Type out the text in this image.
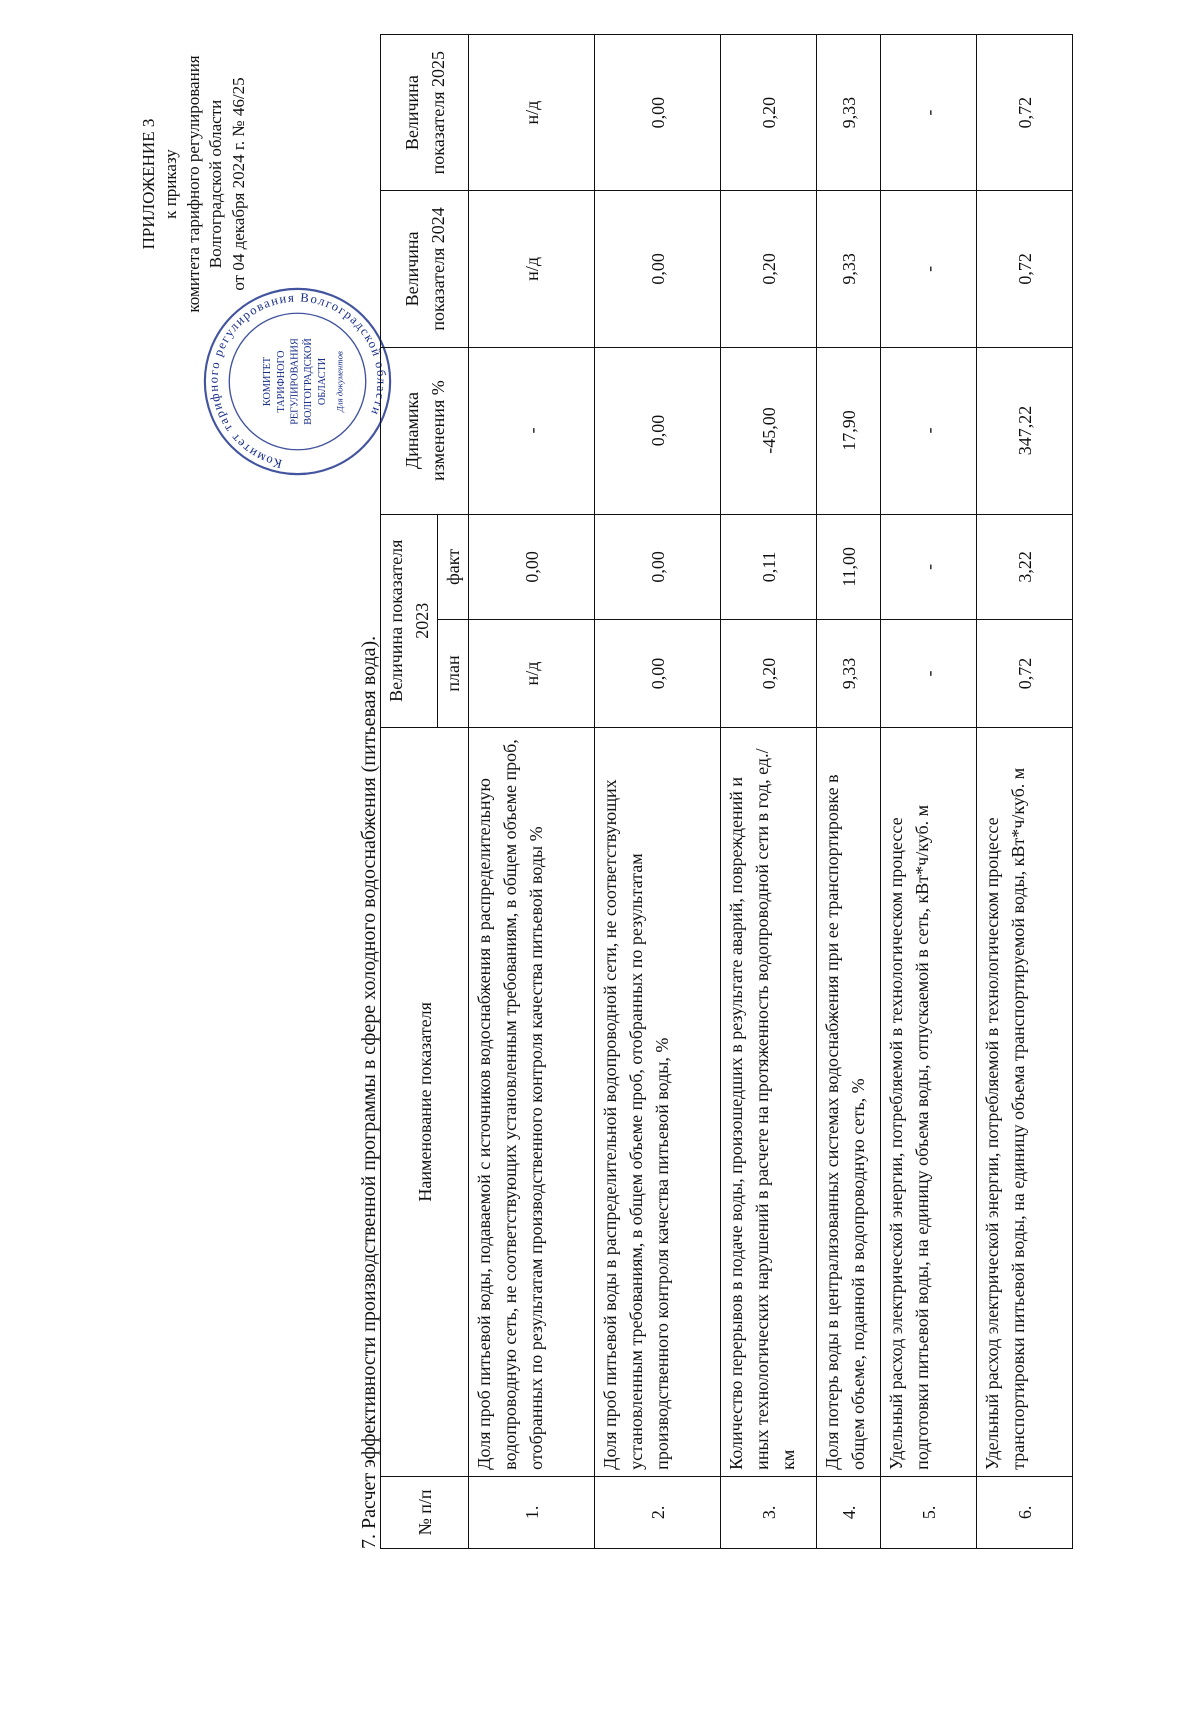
ПРИЛОЖЕНИЕ 3 к приказу комитета тарифного регулирования Волгоградской области от 04 декабря 2024 г. № 46/25
Комитет тарифного регулирования Волгоградской области
КОМИТЕТ ТАРИФНОГО РЕГУЛИРОВАНИЯ ВОЛГОГРАДСКОЙ ОБЛАСТИ Для документов
7. Расчет эффективности производственной программы в сфере холодного водоснабжения (питьевая вода). № п/п	Наименование показателя	Величина показателя 2023		Динамика изменения %	Величина показателя 2024	Величина показателя 2025
		план	факт			
1.	Доля проб питьевой воды, подаваемой с источников водоснабжения в распределительную водопроводную сеть, не соответствующих установленным требованиям, в общем объеме проб, отобранных по результатам производственного контроля качества питьевой воды %	н/д	0,00	-	н/д	н/д
2.	Доля проб питьевой воды в распределительной водопроводной сети, не соответствующих установленным требованиям, в общем объеме проб, отобранных по результатам производственного контроля качества питьевой воды, %	0,00	0,00	0,00	0,00	0,00
3.	Количество перерывов в подаче воды, произошедших в результате аварий, повреждений и иных технологических нарушений в расчете на протяженность водопроводной сети в год, ед./км	0,20	0,11	-45,00	0,20	0,20
4.	Доля потерь воды в централизованных системах водоснабжения при ее транспортировке в общем объеме, поданной в водопроводную сеть, %	9,33	11,00	17,90	9,33	9,33
5.	Удельный расход электрической энергии, потребляемой в технологическом процессе подготовки питьевой воды, на единицу объема воды, отпускаемой в сеть, кВт*ч/куб. м	-	-	-	-	-
6.	Удельный расход электрической энергии, потребляемой в технологическом процессе транспортировки питьевой воды, на единицу объема транспортируемой воды, кВт*ч/куб. м	0,72	3,22	347,22	0,72	0,72
